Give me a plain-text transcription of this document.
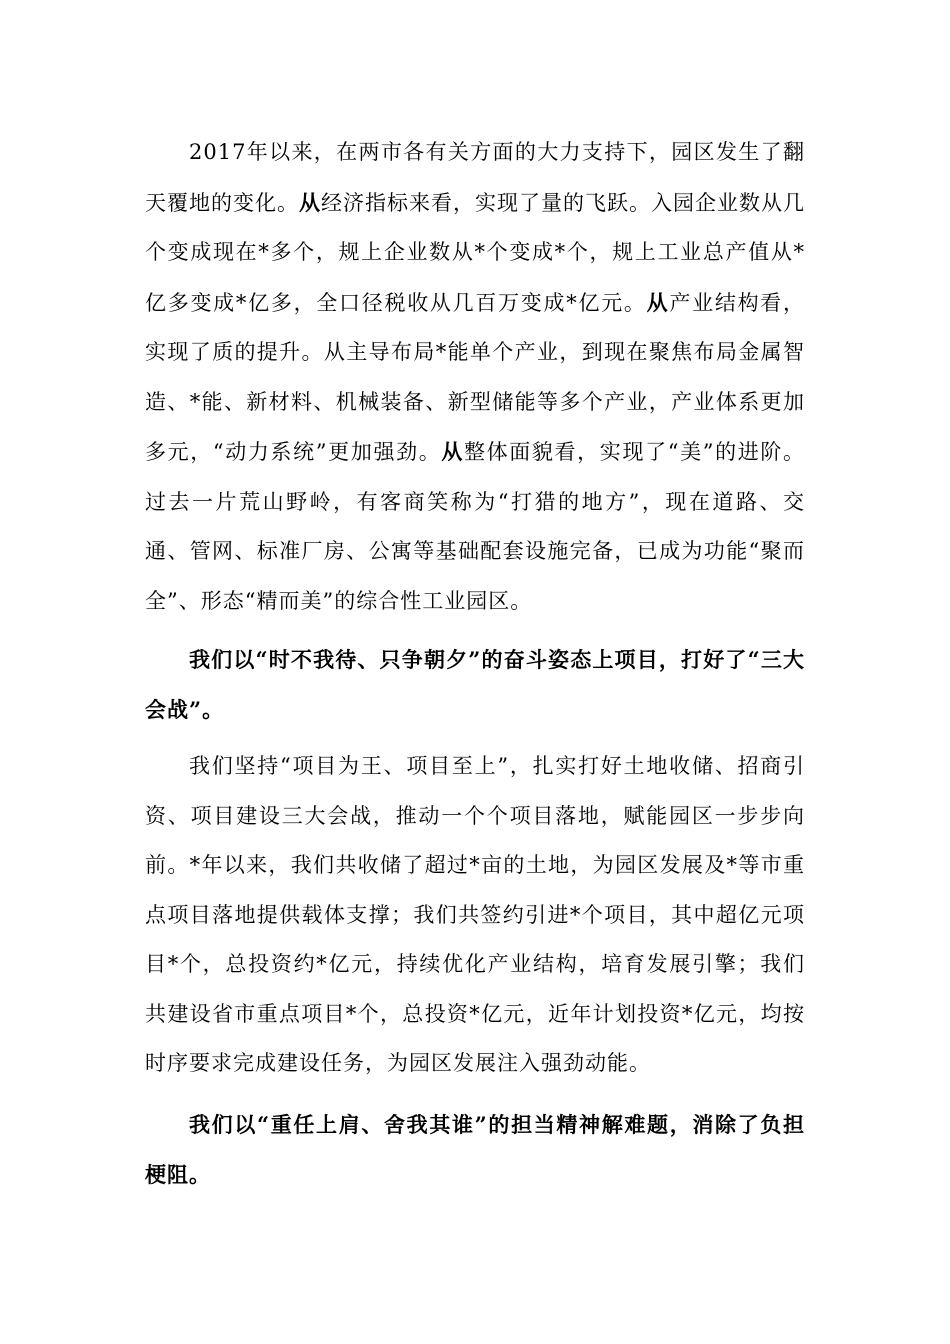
2017年以来，在两市各有关方面的大力支持下，园区发生了翻天覆地的变化。从经济指标来看，实现了量的飞跃。入园企业数从几个变成现在*多个，规上企业数从*个变成*个，规上工业总产值从*亿多变成*亿多，全口径税收从几百万变成*亿元。从产业结构看，实现了质的提升。从主导布局*能单个产业，到现在聚焦布局金属智造、*能、新材料、机械装备、新型储能等多个产业，产业体系更加多元，“动力系统”更加强劲。从整体面貌看，实现了“美”的进阶。过去一片荒山野岭，有客商笑称为“打猎的地方”，现在道路、交通、管网、标准厂房、公寓等基础配套设施完备，已成为功能“聚而全”、形态“精而美”的综合性工业园区。

我们以“时不我待、只争朝夕”的奋斗姿态上项目，打好了“三大会战”。

我们坚持“项目为王、项目至上”，扎实打好土地收储、招商引资、项目建设三大会战，推动一个个项目落地，赋能园区一步步向前。*年以来，我们共收储了超过*亩的土地，为园区发展及*等市重点项目落地提供载体支撑；我们共签约引进*个项目，其中超亿元项目*个，总投资约*亿元，持续优化产业结构，培育发展引擎；我们共建设省市重点项目*个，总投资*亿元，近年计划投资*亿元，均按时序要求完成建设任务，为园区发展注入强劲动能。

我们以“重任上肩、舍我其谁”的担当精神解难题，消除了负担梗阻。
